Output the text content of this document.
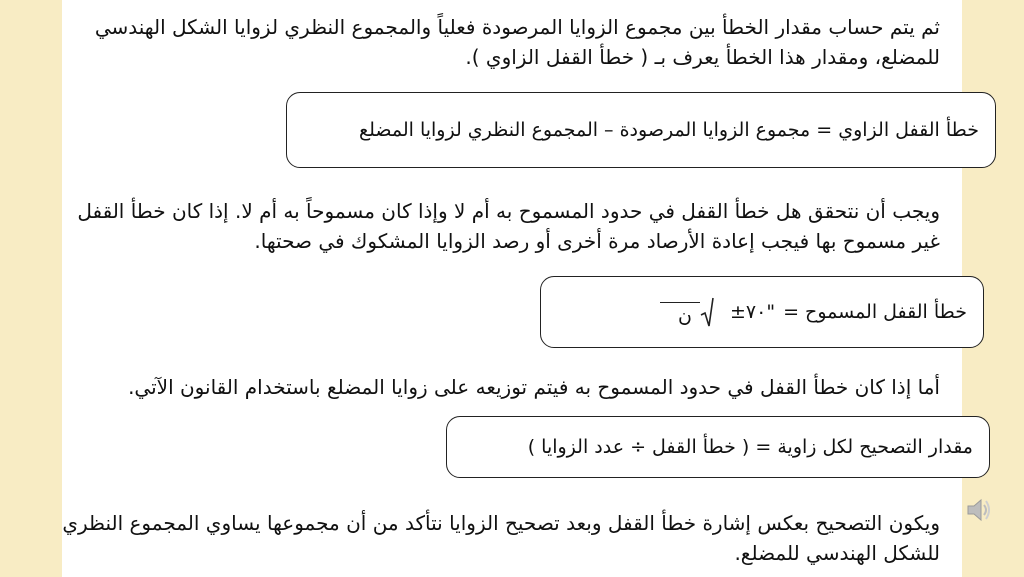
ثم يتم حساب مقدار الخطأ بين مجموع الزوايا المرصودة فعلياً والمجموع النظري لزوايا الشكل الهندسي للمضلع، ومقدار هذا الخطأ يعرف بـ ( خطأ القفل الزاوي ).

خطأ القفل الزاوي = مجموع الزوايا المرصودة – المجموع النظري لزوايا المضلع

ويجب أن نتحقق هل خطأ القفل في حدود المسموح به أم لا وإذا كان مسموحاً به أم لا. إذا كان خطأ القفل غير مسموح بها فيجب إعادة الأرصاد مرة أخرى أو رصد الزوايا المشكوك في صحتها.

خطأ القفل المسموح =
±٧٠"
ن

أما إذا كان خطأ القفل في حدود المسموح به فيتم توزيعه على زوايا المضلع باستخدام القانون الآتي.

مقدار التصحيح لكل زاوية = ( خطأ القفل ÷ عدد الزوايا )

ويكون التصحيح بعكس إشارة خطأ القفل وبعد تصحيح الزوايا نتأكد من أن مجموعها يساوي المجموع النظري للشكل الهندسي للمضلع.
